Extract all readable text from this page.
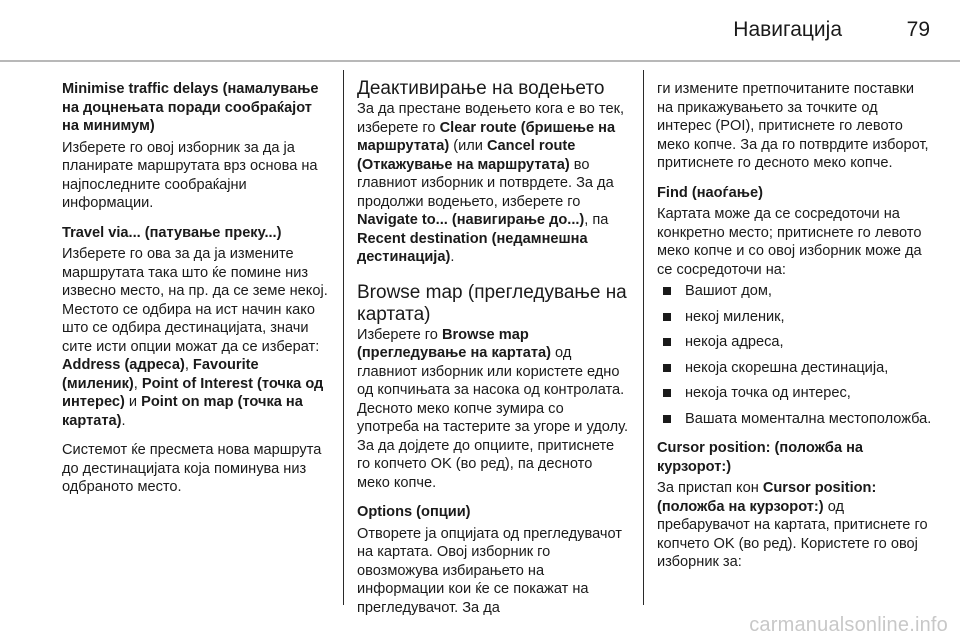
Навигација	79
Minimise traffic delays (намалување на доцнењата поради сообраќајот на минимум)
Изберете го овој изборник за да ја планирате маршрутата врз основа на најпоследните сообраќајни информации.
Travel via... (патување преку...)
Изберете го ова за да ја измените маршрутата така што ќе помине низ извесно место, на пр. да се земе некој. Местото се одбира на ист начин како што се одбира дестинацијата, значи сите исти опции можат да се изберат: Address (адреса), Favourite (миленик), Point of Interest (точка од интерес) и Point on map (точка на картата).
Системот ќе пресмета нова маршрута до дестинацијата која поминува низ одбраното место.
Деактивирање на водењето
За да престане водењето кога е во тек, изберете го Clear route (бришење на маршрутата) (или Cancel route (Откажување на маршрутата) во главниот изборник и потврдете. За да продолжи водењето, изберете го Navigate to... (навигирање до...), па Recent destination (недамнешна дестинација).
Browse map (прегледување на картата)
Изберете го Browse map (прегледување на картата) од главниот изборник или користете едно од копчињата за насока од контролата. Десното меко копче зумира со употреба на тастерите за угоре и удолу. За да дојдете до опциите, притиснете го копчето OK (во ред), па десното меко копче.
Options (опции)
Отворете ја опцијата од прегледувачот на картата. Овој изборник го овозможува избирањето на информации кои ќе се покажат на прегледувачот. За да
ги измените претпочитаните поставки на прикажувањето за точките од интерес (POI), притиснете го левото меко копче. За да го потврдите изборот, притиснете го десното меко копче.
Find (наоѓање)
Картата може да се сосредоточи на конкретно место; притиснете го левото меко копче и со овој изборник може да се сосредоточи на:
Вашиот дом,
некој миленик,
некоја адреса,
некоја скорешна дестинација,
некоја точка од интерес,
Вашата моментална местоположба.
Cursor position: (положба на курзорот:)
За пристап кон Cursor position: (положба на курзорот:) од пребарувачот на картата, притиснете го копчето OK (во ред). Користете го овој изборник за:
carmanualsonline.info
